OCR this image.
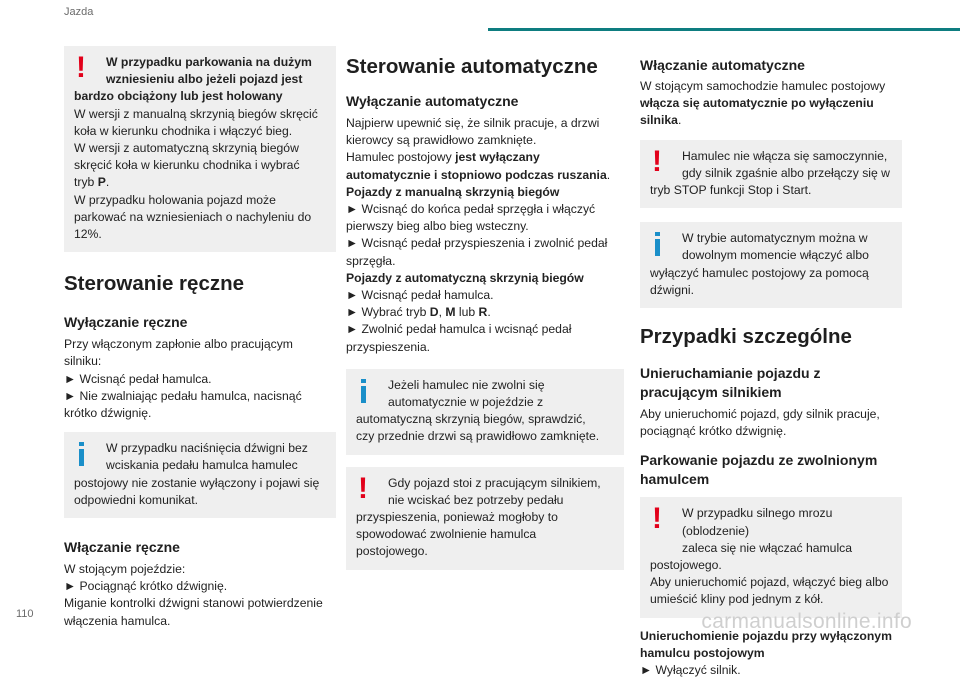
Jazda
!	W przypadku parkowania na dużym

wzniesieniu albo jeżeli pojazd jest

bardzo obciążony lub jest holowany

W wersji z manualną skrzynią biegów skręcić

koła w kierunku chodnika i włączyć bieg.

W wersji z automatyczną skrzynią biegów

skręcić koła w kierunku chodnika i wybrać

tryb P.

W przypadku holowania pojazd może

parkować na wzniesieniach o nachyleniu do

12%.

Sterowanie ręczne
Wyłączanie ręczne

Przy włączonym zapłonie albo pracującym

silniku:

► Wcisnąć pedał hamulca.

► Nie zwalniając pedału hamulca, nacisnąć

krótko dźwignię.

W przypadku naciśnięcia dźwigni bez

wciskania pedału hamulca hamulec

postojowy nie zostanie wyłączony i pojawi się

odpowiedni komunikat.

Włączanie ręczne

W stojącym pojeździe:

► Pociągnąć krótko dźwignię.

Miganie kontrolki dźwigni stanowi potwierdzenie

włączenia hamulca.

Sterowanie automatyczne
Wyłączanie automatyczne

Najpierw upewnić się, że silnik pracuje, a drzwi

kierowcy są prawidłowo zamknięte.

Hamulec postojowy jest wyłączany

automatycznie i stopniowo podczas ruszania.

Pojazdy z manualną skrzynią biegów

► Wcisnąć do końca pedał sprzęgła i włączyć

pierwszy bieg albo bieg wsteczny.

► Wcisnąć pedał przyspieszenia i zwolnić pedał

sprzęgła.

Pojazdy z automatyczną skrzynią biegów

► Wcisnąć pedał hamulca.

► Wybrać tryb D, M lub R.

► Zwolnić pedał hamulca i wcisnąć pedał

przyspieszenia.

Jeżeli hamulec nie zwolni się

automatycznie w pojeździe z

automatyczną skrzynią biegów, sprawdzić,

czy przednie drzwi są prawidłowo zamknięte.

!	Gdy pojazd stoi z pracującym silnikiem,

nie wciskać bez potrzeby pedału

przyspieszenia, ponieważ mogłoby to

spowodować zwolnienie hamulca

postojowego.

Włączanie automatyczne

W stojącym samochodzie hamulec postojowy

włącza się automatycznie po wyłączeniu

silnika.

!	Hamulec nie włącza się samoczynnie,

gdy silnik zgaśnie albo przełączy się w

tryb STOP funkcji Stop i Start.

W trybie automatycznym można w

dowolnym momencie włączyć albo

wyłączyć hamulec postojowy za pomocą

dźwigni.

Przypadki szczególne
Unieruchamianie pojazdu z
pracującym silnikiem

Aby unieruchomić pojazd, gdy silnik pracuje,

pociągnąć krótko dźwignię.

Parkowanie pojazdu ze zwolnionym
hamulcem
!	W przypadku silnego mrozu (oblodzenie)

zaleca się nie włączać hamulca

postojowego.

Aby unieruchomić pojazd, włączyć bieg albo

umieścić kliny pod jednym z kół.

Unieruchomienie pojazdu przy wyłączonym

hamulcu postojowym

► Wyłączyć silnik.

110	carmanualsonline.info
